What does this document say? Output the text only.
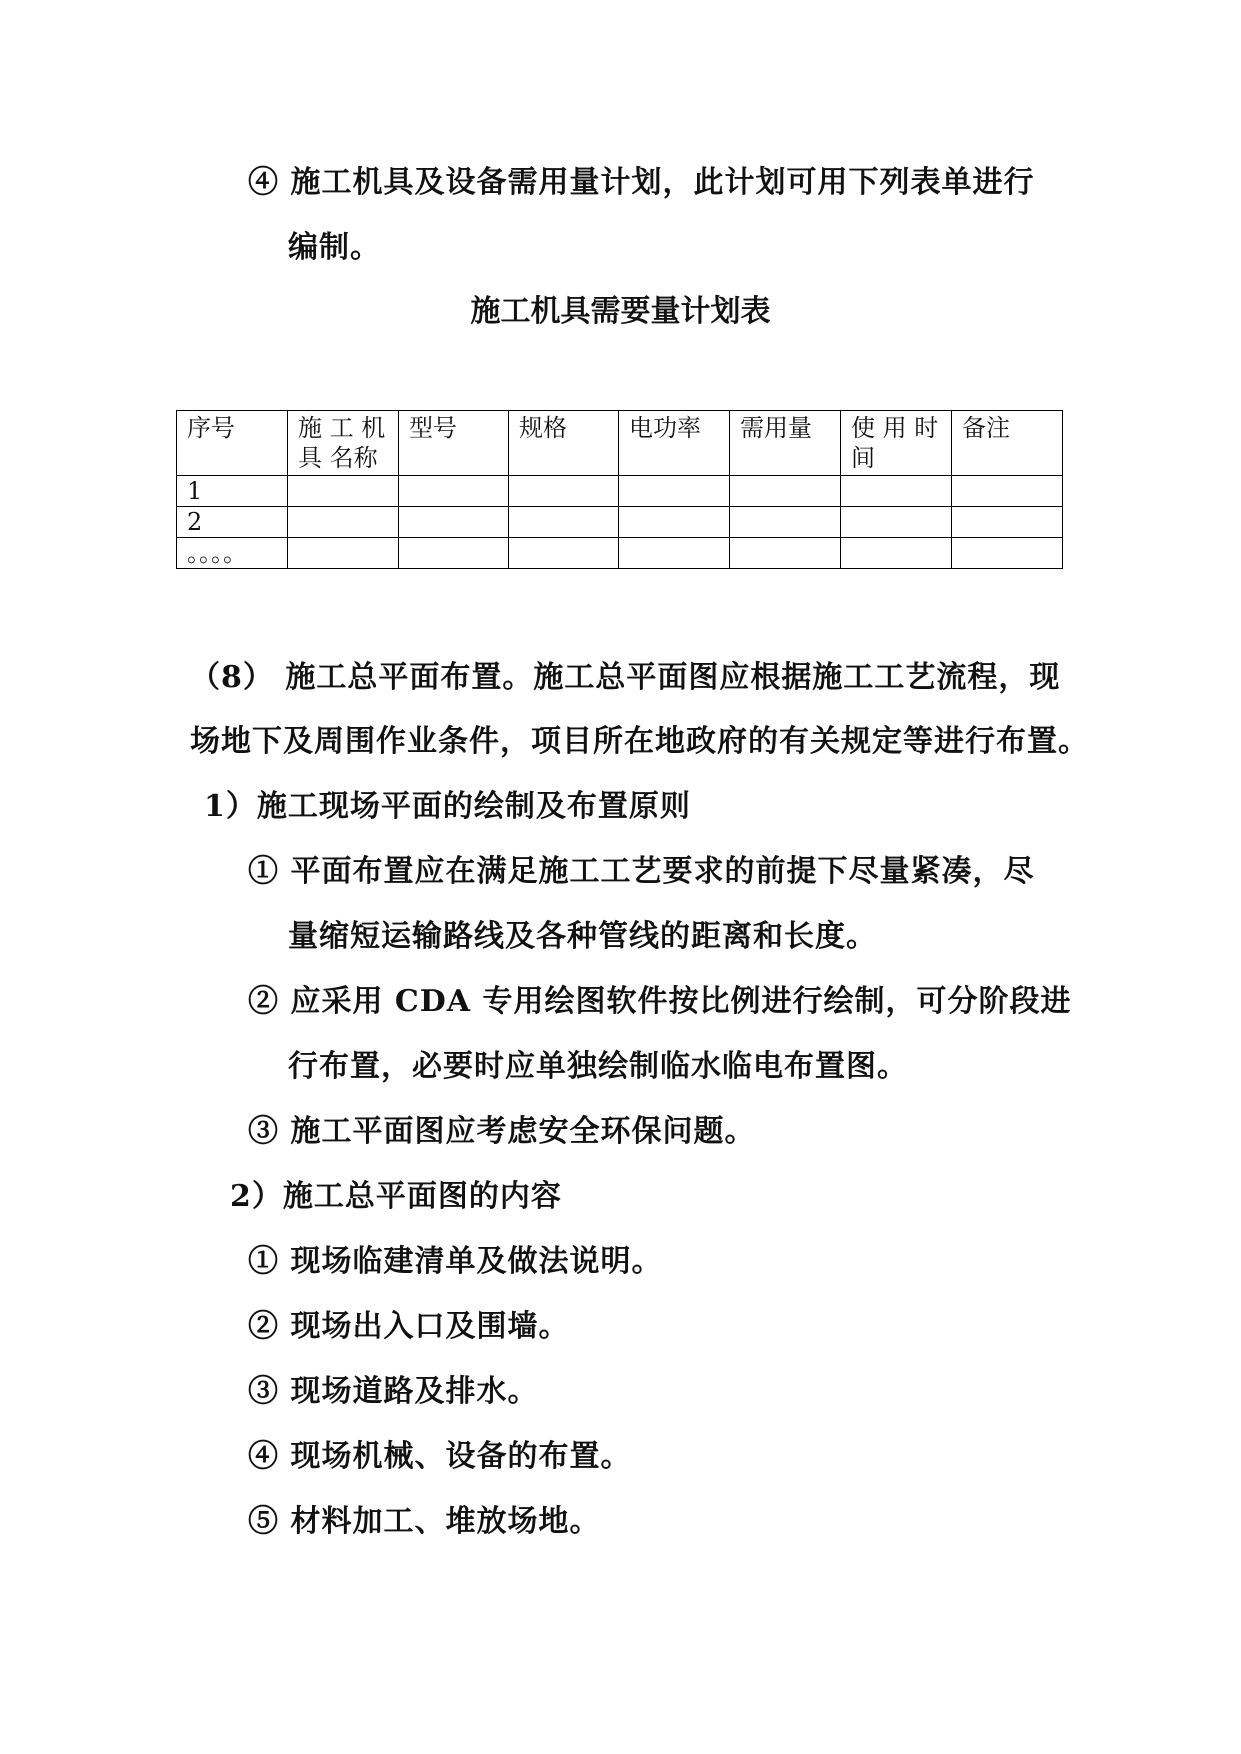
④ 施工机具及设备需用量计划，此计划可用下列表单进行
编制。
施工机具需要量计划表
序号	施 工 机 具 名称	型号	规格	电功率	需用量	使 用 时 间	备注
1							
2							
。。。。							
（8） 施工总平面布置。施工总平面图应根据施工工艺流程，现
场地下及周围作业条件，项目所在地政府的有关规定等进行布置。
1）施工现场平面的绘制及布置原则
① 平面布置应在满足施工工艺要求的前提下尽量紧凑，尽
量缩短运输路线及各种管线的距离和长度。
② 应采用 CDA 专用绘图软件按比例进行绘制，可分阶段进
行布置，必要时应单独绘制临水临电布置图。
③ 施工平面图应考虑安全环保问题。
2）施工总平面图的内容
① 现场临建清单及做法说明。
② 现场出入口及围墙。
③ 现场道路及排水。
④ 现场机械、设备的布置。
⑤ 材料加工、堆放场地。
